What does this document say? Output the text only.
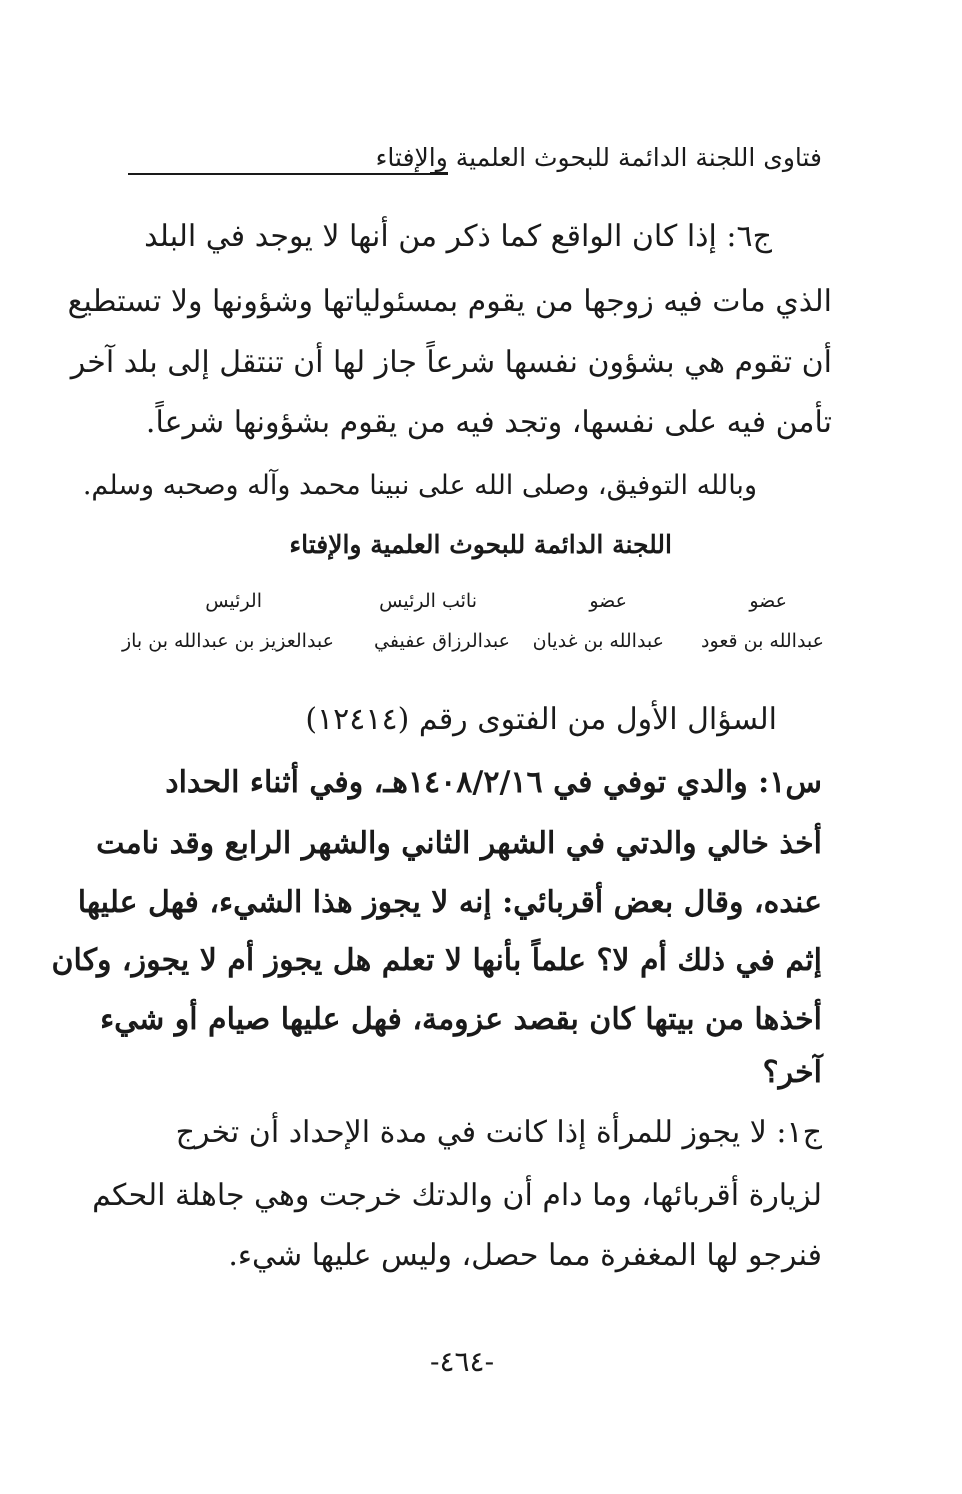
فتاوى اللجنة الدائمة للبحوث العلمية والإفتاء
ج٦: إذا كان الواقع كما ذكر من أنها لا يوجد في البلد
الذي مات فيه زوجها من يقوم بمسئولياتها وشؤونها ولا تستطيع
أن تقوم هي بشؤون نفسها شرعاً جاز لها أن تنتقل إلى بلد آخر
تأمن فيه على نفسها، وتجد فيه من يقوم بشؤونها شرعاً.
وبالله التوفيق، وصلى الله على نبينا محمد وآله وصحبه وسلم.
اللجنة الدائمة للبحوث العلمية والإفتاء
عضو
عضو
نائب الرئيس
الرئيس
عبدالله بن قعود
عبدالله بن غديان
عبدالرزاق عفيفي
عبدالعزيز بن عبدالله بن باز
السؤال الأول من الفتوى رقم (١٢٤١٤)
س١: والدي توفي في ١٤٠٨/٢/١٦هـ، وفي أثناء الحداد
أخذ خالي والدتي في الشهر الثاني والشهر الرابع وقد نامت
عنده، وقال بعض أقربائي: إنه لا يجوز هذا الشيء، فهل عليها
إثم في ذلك أم لا؟ علماً بأنها لا تعلم هل يجوز أم لا يجوز، وكان
أخذها من بيتها كان بقصد عزومة، فهل عليها صيام أو شيء
آخر؟
ج١: لا يجوز للمرأة إذا كانت في مدة الإحداد أن تخرج
لزيارة أقربائها، وما دام أن والدتك خرجت وهي جاهلة الحكم
فنرجو لها المغفرة مما حصل، وليس عليها شيء.
-٤٦٤-
